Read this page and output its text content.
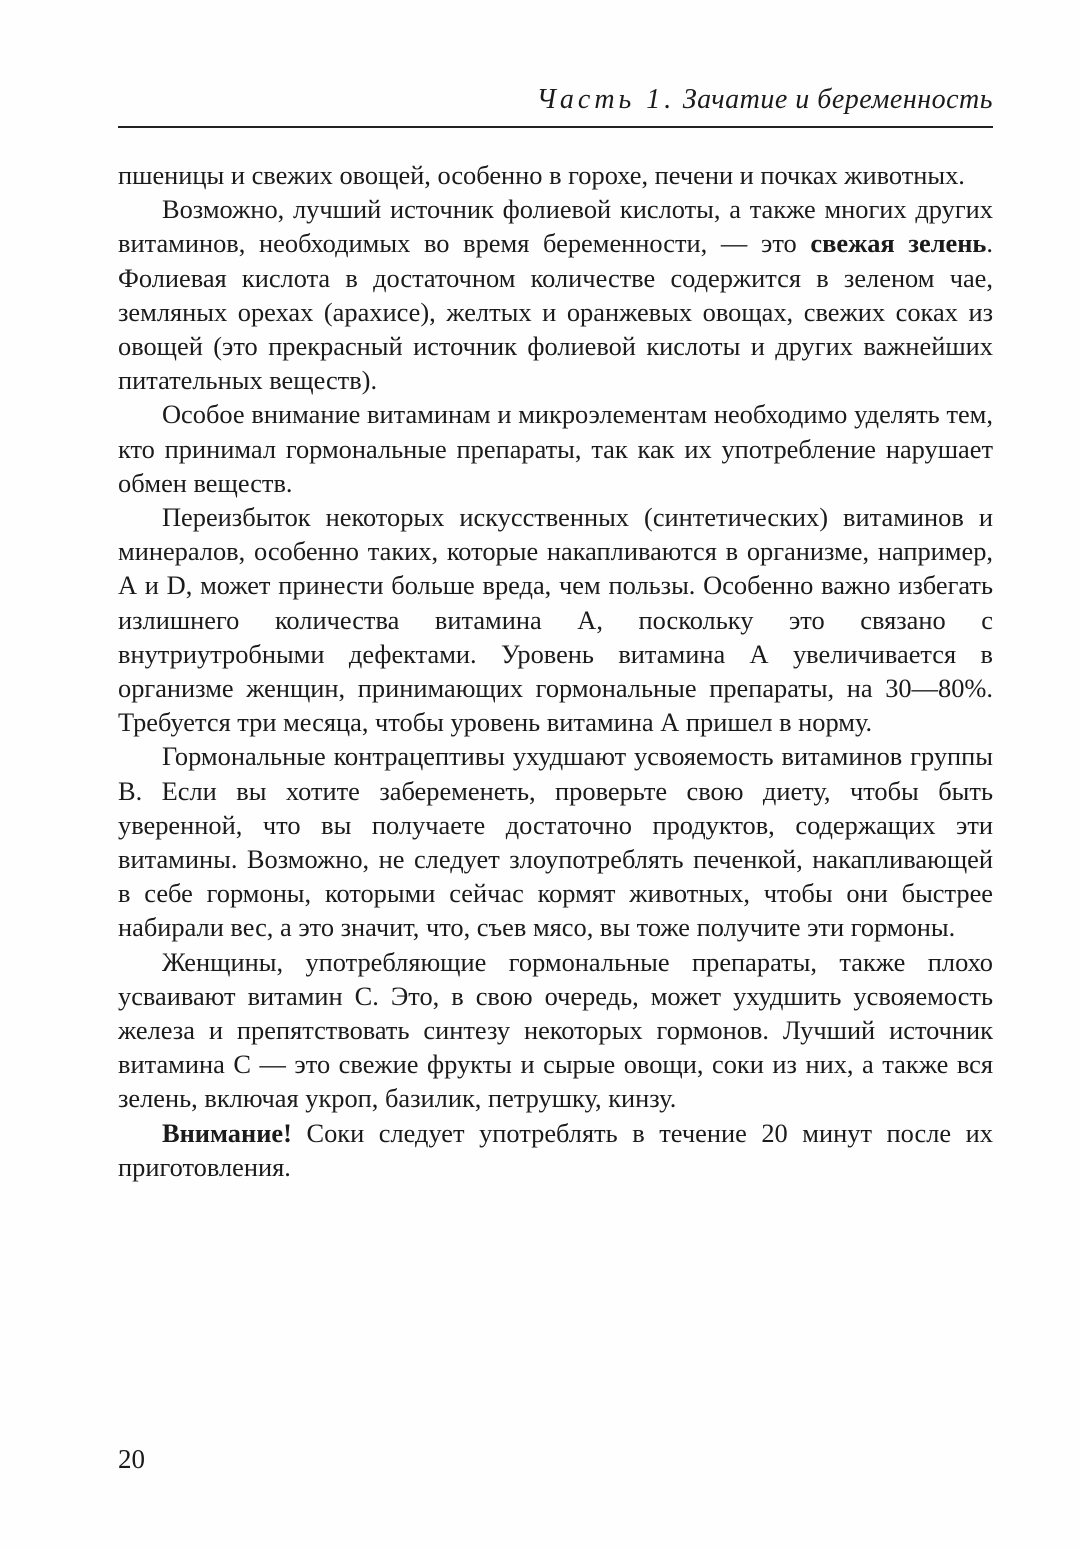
Часть 1. Зачатие и беременность

пшеницы и свежих овощей, особенно в горохе, печени и почках животных.

Возможно, лучший источник фолиевой кислоты, а также многих других витаминов, необходимых во время беременности, — это свежая зелень. Фолиевая кислота в достаточном количестве содержится в зеленом чае, земляных орехах (арахисе), желтых и оранжевых овощах, свежих соках из овощей (это прекрасный источник фолиевой кислоты и других важнейших питательных веществ).

Особое внимание витаминам и микроэлементам необходимо уделять тем, кто принимал гормональные препараты, так как их употребление нарушает обмен веществ.

Переизбыток некоторых искусственных (синтетических) витаминов и минералов, особенно таких, которые накапливаются в организме, например, А и D, может принести больше вреда, чем пользы. Особенно важно избегать излишнего количества витамина А, поскольку это связано с внутриутробными дефектами. Уровень витамина А увеличивается в организме женщин, принимающих гормональные препараты, на 30—80%. Требуется три месяца, чтобы уровень витамина А пришел в норму.

Гормональные контрацептивы ухудшают усвояемость витаминов группы В. Если вы хотите забеременеть, проверьте свою диету, чтобы быть уверенной, что вы получаете достаточно продуктов, содержащих эти витамины. Возможно, не следует злоупотреблять печенкой, накапливающей в себе гормоны, которыми сейчас кормят животных, чтобы они быстрее набирали вес, а это значит, что, съев мясо, вы тоже получите эти гормоны.

Женщины, употребляющие гормональные препараты, также плохо усваивают витамин С. Это, в свою очередь, может ухудшить усвояемость железа и препятствовать синтезу некоторых гормонов. Лучший источник витамина С — это свежие фрукты и сырые овощи, соки из них, а также вся зелень, включая укроп, базилик, петрушку, кинзу.

Внимание! Соки следует употреблять в течение 20 минут после их приготовления.

20
